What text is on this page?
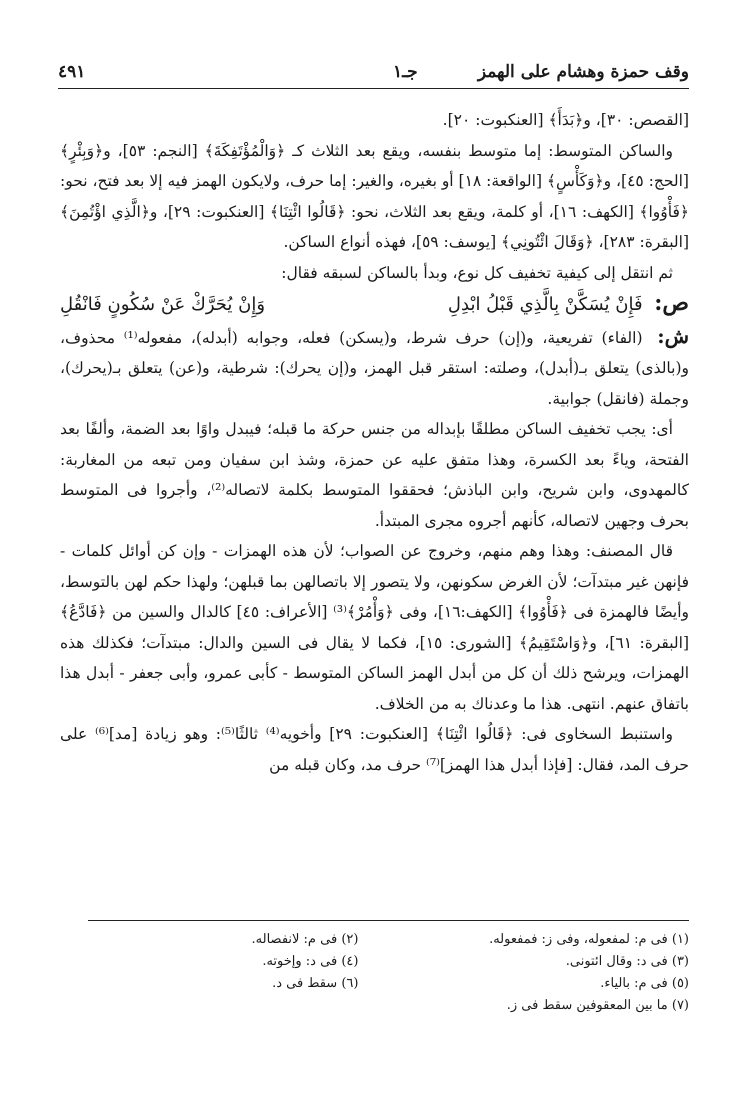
وقف حمزة وهشام على الهمز
جـ١
٤٩١

[القصص: ٣٠]، و﴿بَدَأَ﴾ [العنكبوت: ٢٠].

والساكن المتوسط: إما متوسط بنفسه، ويقع بعد الثلاث كـ ﴿وَالْمُؤْتَفِكَةَ﴾ [النجم: ٥٣]، و﴿وَبِئْرٍ﴾ [الحج: ٤٥]، و﴿وَكَأْسٍ﴾ [الواقعة: ١٨] أو بغيره، والغير: إما حرف، ولايكون الهمز فيه إلا بعد فتح، نحو: ﴿فَأْوُوا﴾ [الكهف: ١٦]، أو كلمة، ويقع بعد الثلاث، نحو: ﴿قَالُوا ائْتِنَا﴾ [العنكبوت: ٢٩]، و﴿الَّذِي اؤْتُمِنَ﴾ [البقرة: ٢٨٣]، ﴿وَقَالَ ائْتُونِي﴾ [يوسف: ٥٩]، فهذه أنواع الساكن.

ثم انتقل إلى كيفية تخفيف كل نوع، وبدأ بالساكن لسبقه فقال:

ص: فَإِنْ يُسَكَّنْ بِالَّذِي قَبْلُ ابْدِلِ
وَإِنْ يُحَرَّكْ عَنْ سُكُونٍ فَانْقُلِ

ش: (الفاء) تفريعية، و(إن) حرف شرط، و(يسكن) فعله، وجوابه (أبدله)، مفعوله⁽¹⁾ محذوف، و(بالذى) يتعلق بـ(أبدل)، وصلته: استقر قبل الهمز، و(إن يحرك): شرطية، و(عن) يتعلق بـ(يحرك)، وجملة (فانقل) جوابية.

أى: يجب تخفيف الساكن مطلقًا بإبداله من جنس حركة ما قبله؛ فيبدل واوًا بعد الضمة، وألفًا بعد الفتحة، وياءً بعد الكسرة، وهذا متفق عليه عن حمزة، وشذ ابن سفيان ومن تبعه من المغاربة: كالمهدوى، وابن شريح، وابن الباذش؛ فحققوا المتوسط بكلمة لاتصاله⁽²⁾، وأجروا فى المتوسط بحرف وجهين لاتصاله، كأنهم أجروه مجرى المبتدأ.

قال المصنف: وهذا وهم منهم، وخروج عن الصواب؛ لأن هذه الهمزات - وإن كن أوائل كلمات - فإنهن غير مبتدآت؛ لأن الغرض سكونهن، ولا يتصور إلا باتصالهن بما قبلهن؛ ولهذا حكم لهن بالتوسط، وأيضًا فالهمزة فى ﴿فَأْوُوا﴾ [الكهف:١٦]، وفى ﴿وَأْمُرْ﴾⁽³⁾ [الأعراف: ٤٥] كالدال والسين من ﴿فَادَّعُ﴾ [البقرة: ٦١]، و﴿وَاسْتَقِيمُ﴾ [الشورى: ١٥]، فكما لا يقال فى السين والدال: مبتدآت؛ فكذلك هذه الهمزات، ويرشح ذلك أن كل من أبدل الهمز الساكن المتوسط - كأبى عمرو، وأبى جعفر - أبدل هذا باتفاق عنهم. انتهى. هذا ما وعدناك به من الخلاف.

واستنبط السخاوى فى: ﴿قَالُوا ائْتِنَا﴾ [العنكبوت: ٢٩] وأخويه⁽⁴⁾ ثالثًا⁽⁵⁾: وهو زيادة [مد]⁽⁶⁾ على حرف المد، فقال: [فإذا أبدل هذا الهمز]⁽⁷⁾ حرف مد، وكان قبله من

(١) فى م: لمفعوله، وفى ز: فمفعوله.
(٢) فى م: لانفصاله.
(٣) فى د: وقال ائتونى.
(٤) فى د: وإخوته.
(٥) فى م: بالياء.
(٦) سقط فى د.
(٧) ما بين المعقوفين سقط فى ز.
